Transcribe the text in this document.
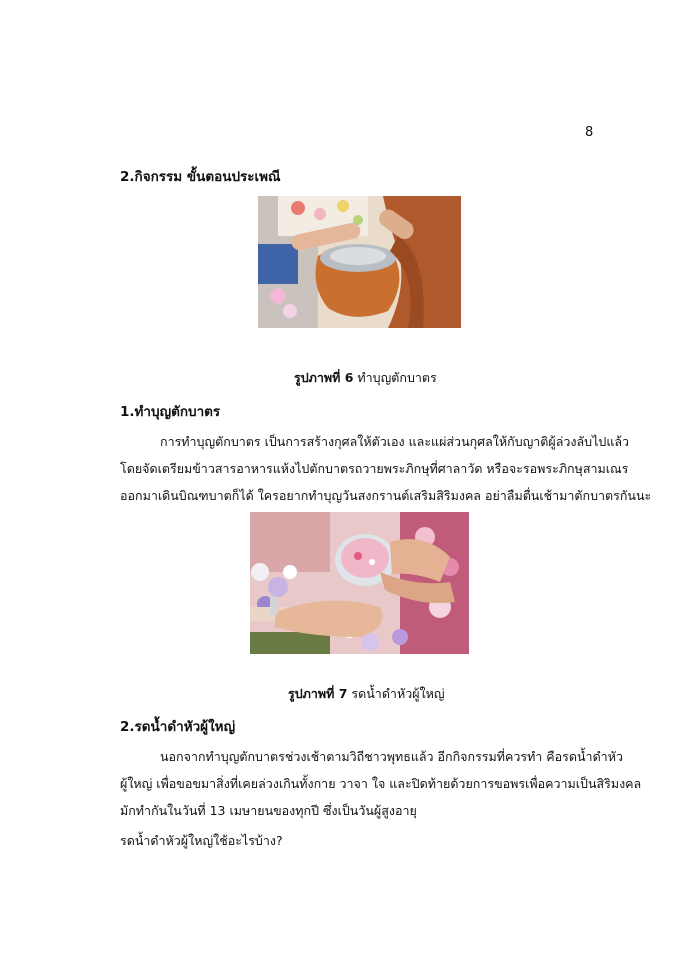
8
2.กิจกรรม ขั้นตอนประเพณี
รูปภาพที่ 6 ทำบุญตักบาตร
1.ทำบุญตักบาตร
การทำบุญตักบาตร เป็นการสร้างกุศลให้ตัวเอง และแผ่ส่วนกุศลให้กับญาติผู้ล่วงลับไปแล้ว
โดยจัดเตรียมข้าวสารอาหารแห้งไปตักบาตรถวายพระภิกษุที่ศาลาวัด หรือจะรอพระภิกษุสามเณร
ออกมาเดินบิณฑบาตก็ได้ ใครอยากทำบุญวันสงกรานต์เสริมสิริมงคล อย่าลืมตื่นเช้ามาตักบาตรกันนะ
รูปภาพที่ 7 รดน้ำดำหัวผู้ใหญ่
2.รดน้ำดำหัวผู้ใหญ่
นอกจากทำบุญตักบาตรช่วงเช้าตามวิถีชาวพุทธแล้ว อีกกิจกรรมที่ควรทำ คือรดน้ำดำหัว
ผู้ใหญ่ เพื่อขอขมาสิ่งที่เคยล่วงเกินทั้งกาย วาจา ใจ และปิดท้ายด้วยการขอพรเพื่อความเป็นสิริมงคล
มักทำกันในวันที่ 13 เมษายนของทุกปี ซึ่งเป็นวันผู้สูงอายุ
รดน้ำดำหัวผู้ใหญ่ใช้อะไรบ้าง?
